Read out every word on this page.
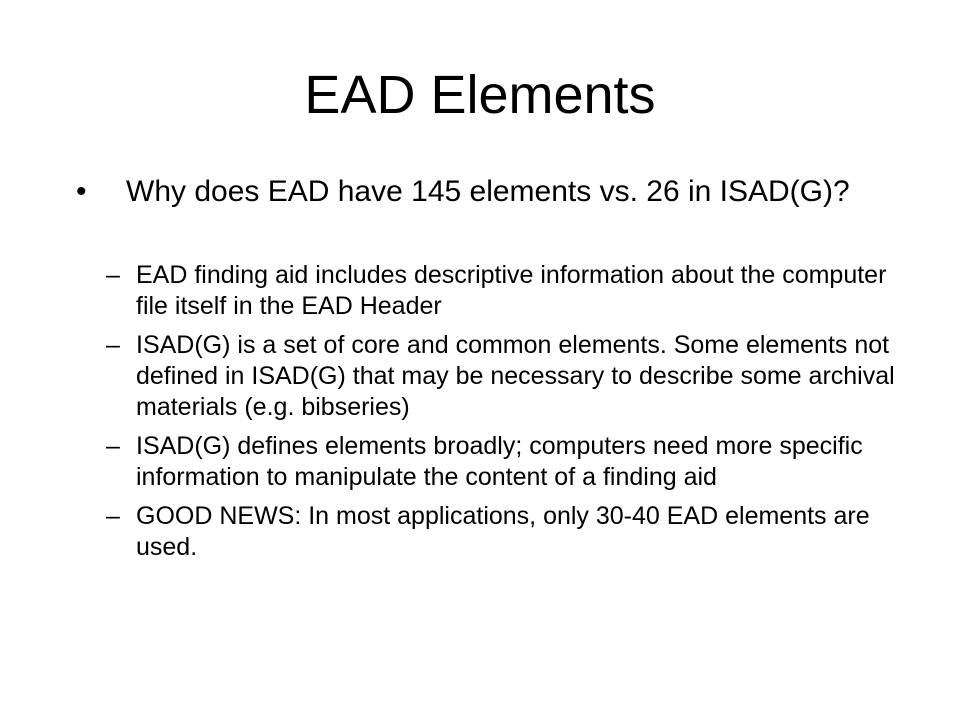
EAD Elements
• Why does EAD have 145 elements vs. 26 in ISAD(G)?
– EAD finding aid includes descriptive information about the computer file itself in the EAD Header
– ISAD(G) is a set of core and common elements. Some elements not defined in ISAD(G) that may be necessary to describe some archival materials (e.g. bibseries)
– ISAD(G) defines elements broadly; computers need more specific information to manipulate the content of a finding aid
– GOOD NEWS: In most applications, only 30-40 EAD elements are used.
